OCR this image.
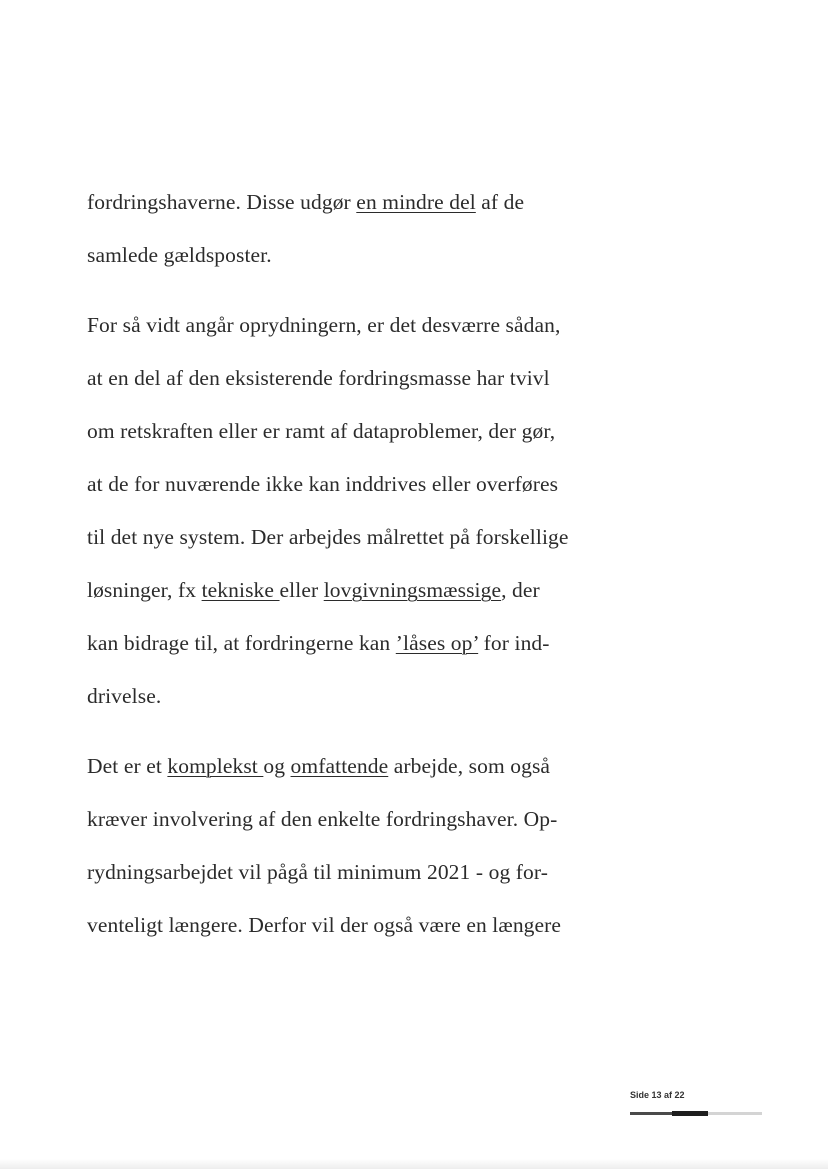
fordringshaverne. Disse udgør en mindre del af de
samlede gældsposter.
For så vidt angår oprydningern, er det desværre sådan,
at en del af den eksisterende fordringsmasse har tvivl
om retskraften eller er ramt af dataproblemer, der gør,
at de for nuværende ikke kan inddrives eller overføres
til det nye system. Der arbejdes målrettet på forskellige
løsninger, fx tekniske eller lovgivningsmæssige, der
kan bidrage til, at fordringerne kan ’låses op’ for ind-
drivelse.
Det er et komplekst og omfattende arbejde, som også
kræver involvering af den enkelte fordringshaver. Op-
rydningsarbejdet vil pågå til minimum 2021 - og for-
venteligt længere. Derfor vil der også være en længere
Side 13 af 22
